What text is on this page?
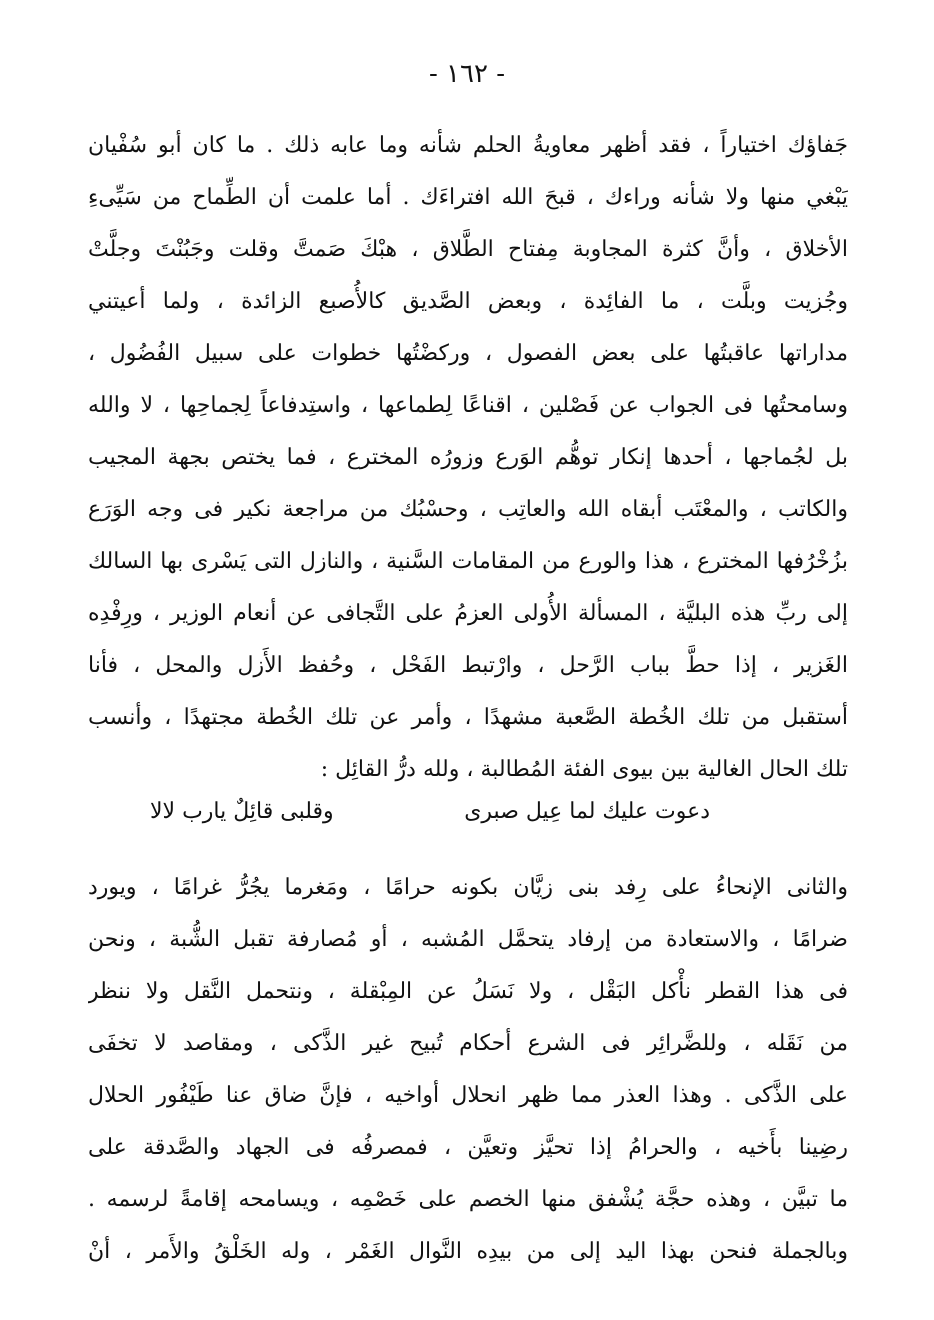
- ١٦٢ -
جَفاؤك اختياراً ، فقد أظهر معاويةُ الحلم شأنه وما عابه ذلك . ما كان أبو سُفْيان
يَبْغي منها ولا شأنه وراءك ، قبحَ الله افتراءَك . أما علمت أن الطِّماح من سَيِّىءِ
الأخلاق ، وأنَّ كثرة المجاوبة مِفتاح الطَّلاق ، هبْكَ صَمتَّ وقلت وجَبُنْتَ وجلَّتْ
وجُزيت وبلَّت ، ما الفائِدة ، وبعض الصَّديق كالأُصبع الزائدة ، ولما أعيتني
مداراتها عاقبتُها على بعض الفصول ، وركضْتُها خطوات على سبيل الفُضُول ،
وسامحتُها فى الجواب عن فَصْلين ، اقناعًا لِطماعها ، واستِدفاعاً لِجماحِها ، لا والله
بل لجُماجها ، أحدها إنكار توهُّم الوَرع وزورُه المخترع ، فما يختص بجهة المجيب
والكاتب ، والمعْتَب أبقاه الله والعاتِب ، وحسْبُك من مراجعة نكير فى وجه الوَرَع
بزُخْرُفها المخترع ، هذا والورع من المقامات السَّنية ، والنازل التى يَسْرى بها السالك
إلى ربِّ هذه البليَّة ، المسألة الأُولى العزمُ على التَّجافى عن أنعام الوزير ، ورِفْدِه
الغَزير ، إذا حطَّ بباب الرَّحل ، وارْتبط الفَحْل ، وحُفظ الأَزل والمحل ، فأنا
أستقبل من تلك الخُطة الصَّعبة مشهدًا ، وأمر عن تلك الخُطة مجتهدًا ، وأنسب
تلك الحال الغالية بين بيوى الفئة المُطالبة ، ولله درُّ القائِل :
دعوت عليك لما عِيل صبرى
وقلبى قائِلٌ يارب لالا
والثانى الإنحاءُ على رِفد بنى زيَّان بكونه حرامًا ، ومَغرما يجُرُّ غرامًا ، ويورد
ضرامًا ، والاستعادة من إرفاد يتحمَّل المُشبه ، أو مُصارفة تقبل الشُّبة ، ونحن
فى هذا القطر نأْكل البَقْل ، ولا نَسَلُ عن المِبْقلة ، ونتحمل النَّقل ولا ننظر
من نَقَله ، وللضَّرائِر فى الشرع أحكام تُبيح غير الذَّكى ، ومقاصد لا تخفَى
على الذَّكى . وهذا العذر مما ظهر انحلال أواخيه ، فإنَّ ضاق عنا طَيْفُور الحلال
رضِينا بأَخيه ، والحرامُ إذا تحيَّز وتعيَّن ، فمصرفُه فى الجهاد والصَّدقة على
ما تبيَّن ، وهذه حجَّة يُشْفق منها الخصم على خَصْمِه ، ويسامحه إقامةً لرسمه .
وبالجملة فنحن بهذا اليد إلى من بيدِه النَّوال الغَمْر ، وله الخَلْقُ والأَمر ، أنْ
